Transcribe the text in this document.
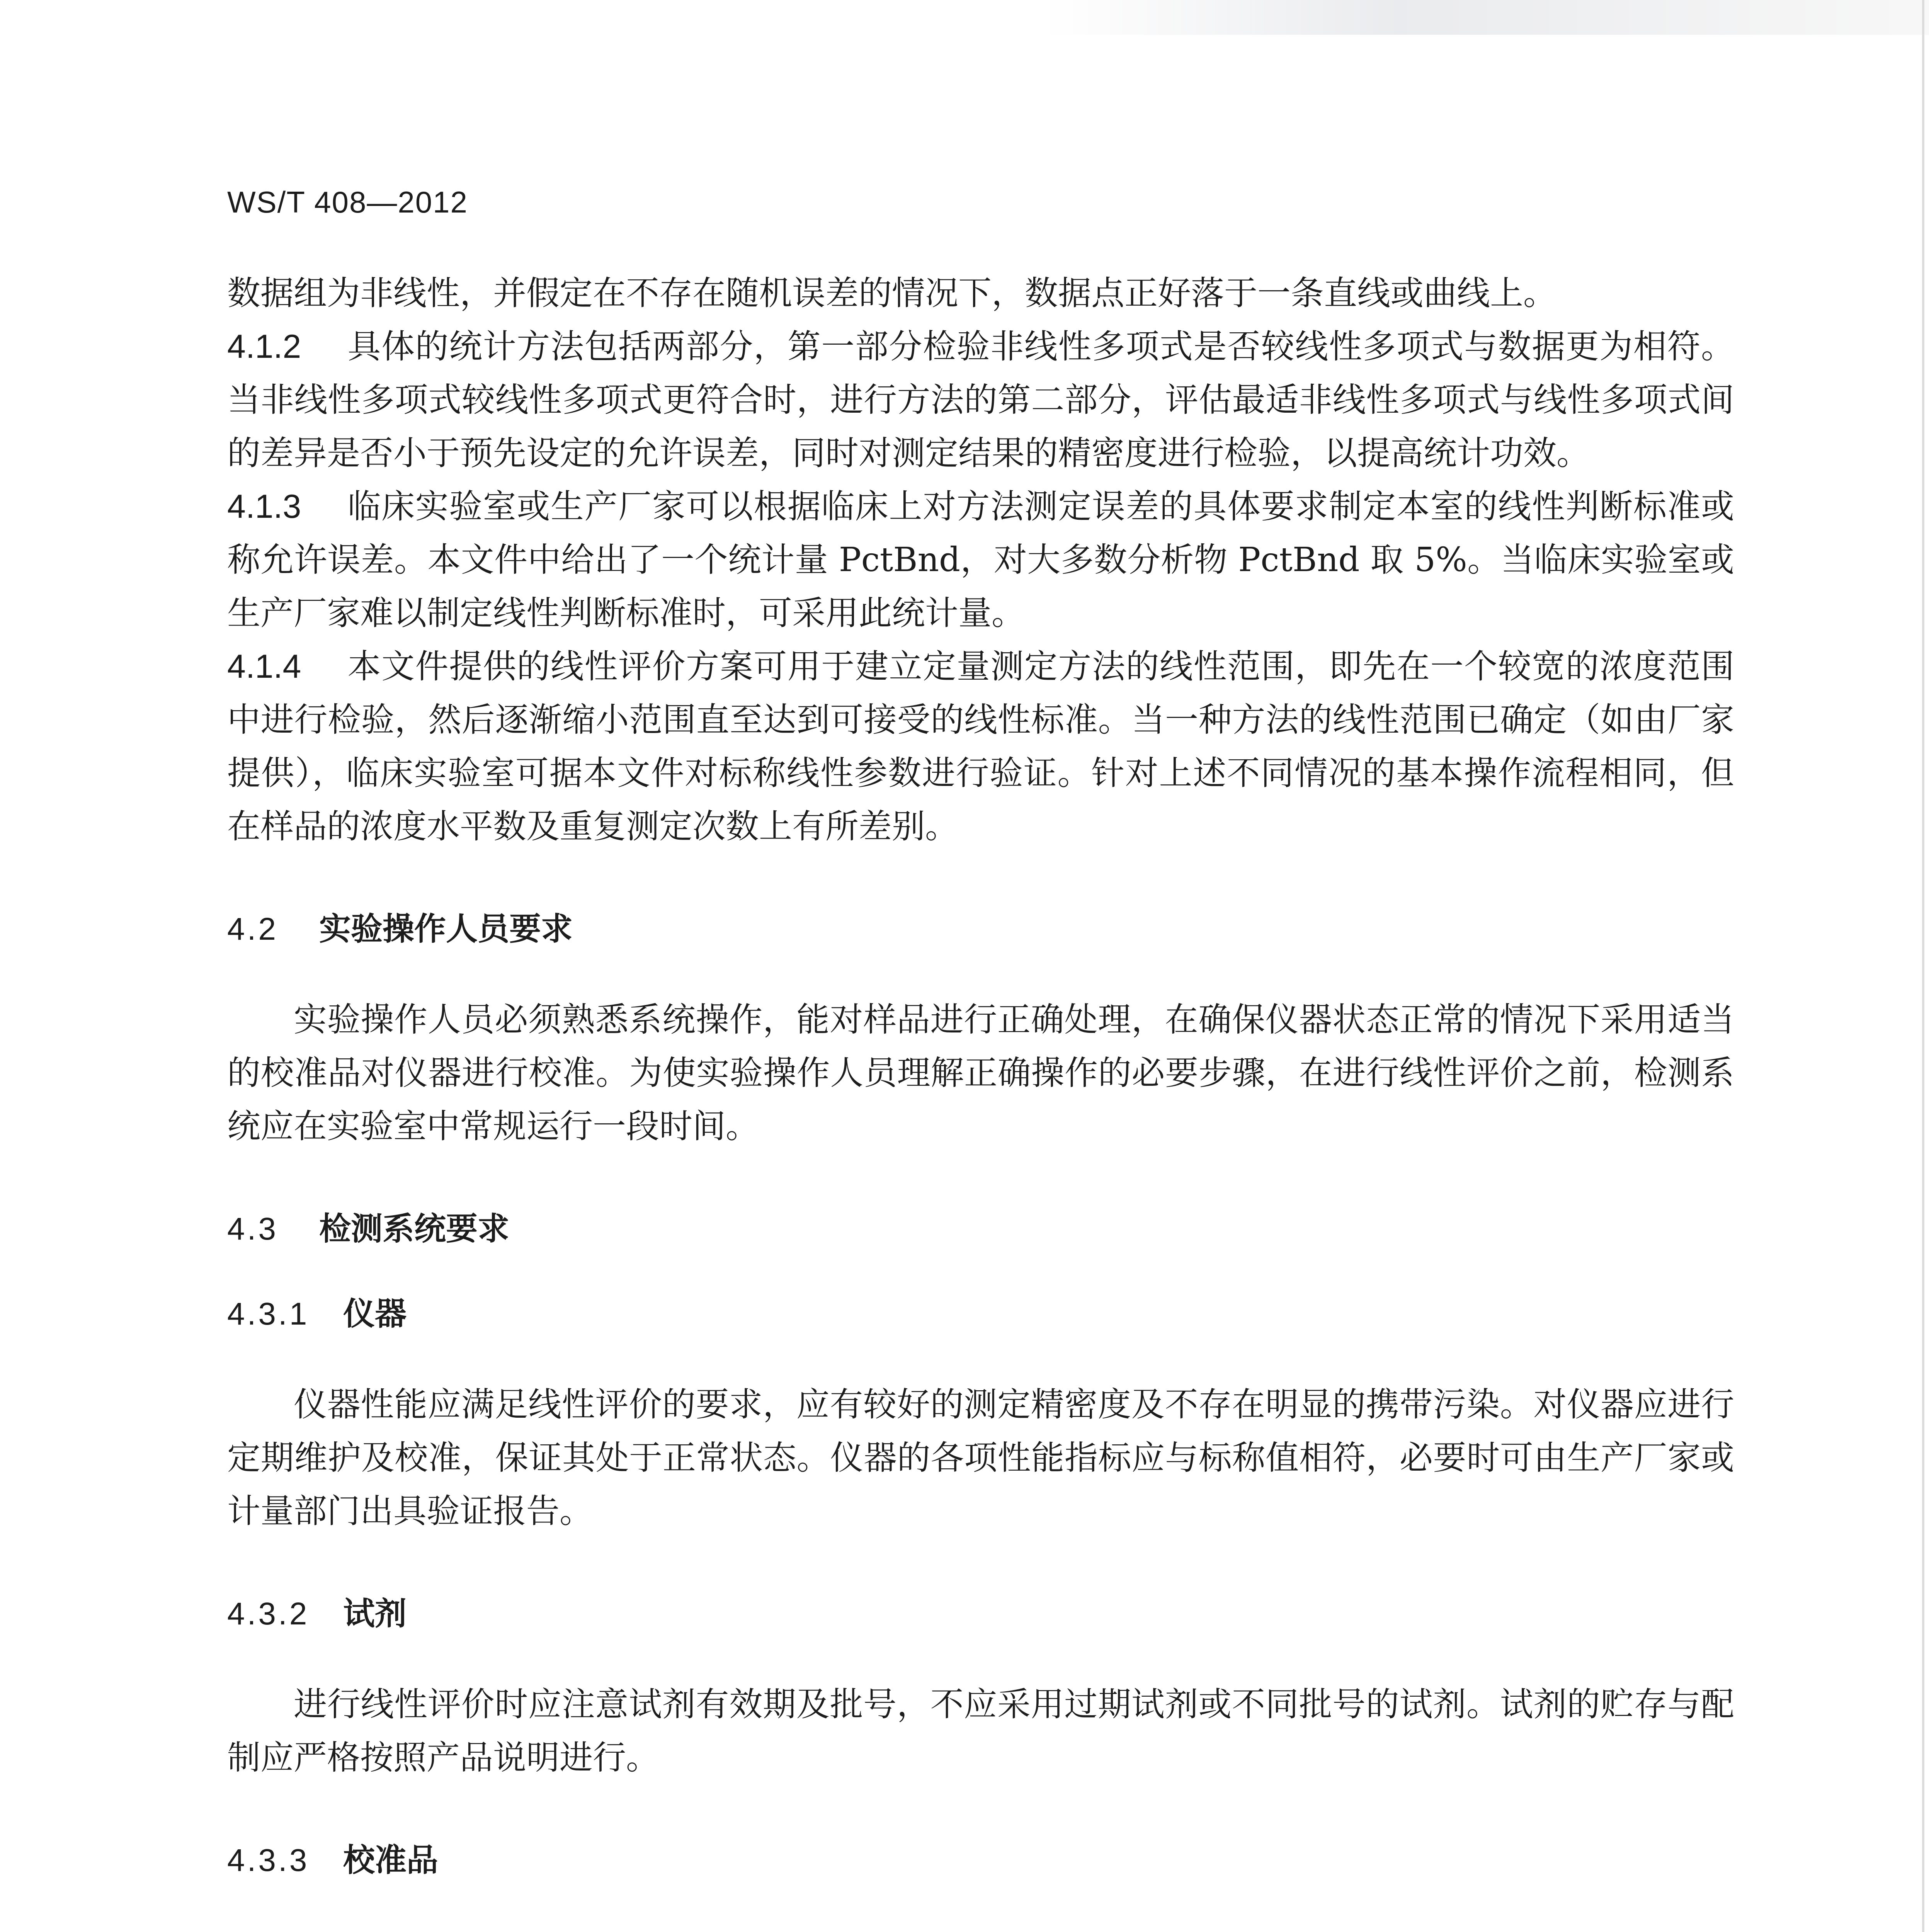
WS/T 408—2012

数据组为非线性，并假定在不存在随机误差的情况下，数据点正好落于一条直线或曲线上。

4.1.2 具体的统计方法包括两部分，第一部分检验非线性多项式是否较线性多项式与数据更为相符。当非线性多项式较线性多项式更符合时，进行方法的第二部分，评估最适非线性多项式与线性多项式间的差异是否小于预先设定的允许误差，同时对测定结果的精密度进行检验，以提高统计功效。

4.1.3 临床实验室或生产厂家可以根据临床上对方法测定误差的具体要求制定本室的线性判断标准或称允许误差。本文件中给出了一个统计量 PctBnd，对大多数分析物 PctBnd 取 5%。当临床实验室或生产厂家难以制定线性判断标准时，可采用此统计量。

4.1.4 本文件提供的线性评价方案可用于建立定量测定方法的线性范围，即先在一个较宽的浓度范围中进行检验，然后逐渐缩小范围直至达到可接受的线性标准。当一种方法的线性范围已确定（如由厂家提供），临床实验室可据本文件对标称线性参数进行验证。针对上述不同情况的基本操作流程相同，但在样品的浓度水平数及重复测定次数上有所差别。

4.2 实验操作人员要求

实验操作人员必须熟悉系统操作，能对样品进行正确处理，在确保仪器状态正常的情况下采用适当的校准品对仪器进行校准。为使实验操作人员理解正确操作的必要步骤，在进行线性评价之前，检测系统应在实验室中常规运行一段时间。

4.3 检测系统要求
4.3.1 仪器

仪器性能应满足线性评价的要求，应有较好的测定精密度及不存在明显的携带污染。对仪器应进行定期维护及校准，保证其处于正常状态。仪器的各项性能指标应与标称值相符，必要时可由生产厂家或计量部门出具验证报告。

4.3.2 试剂

进行线性评价时应注意试剂有效期及批号，不应采用过期试剂或不同批号的试剂。试剂的贮存与配制应严格按照产品说明进行。

4.3.3 校准品
